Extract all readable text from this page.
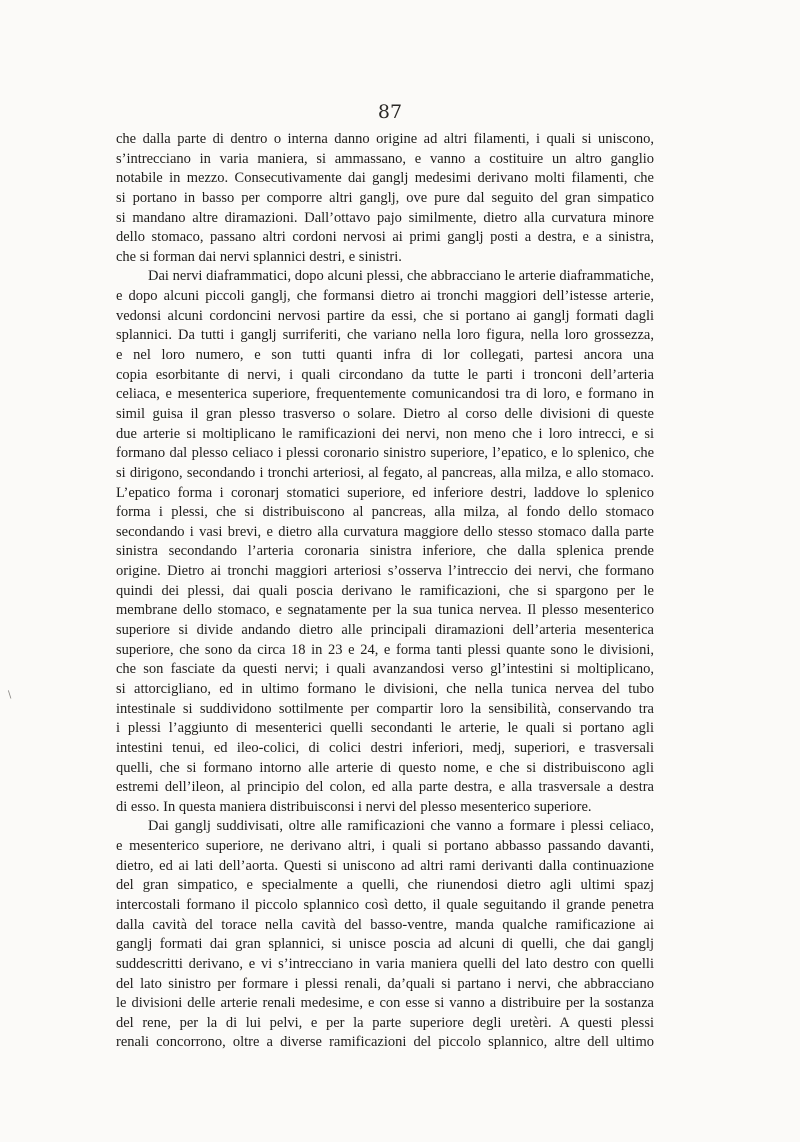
87

che dalla parte di dentro o interna danno origine ad altri filamenti, i quali si uniscono,
s’intrecciano in varia maniera, si ammassano, e vanno a costituire un altro ganglio
notabile in mezzo. Consecutivamente dai ganglj medesimi derivano molti filamenti, che
si portano in basso per comporre altri ganglj, ove pure dal seguito del gran simpatico
si mandano altre diramazioni. Dall’ottavo pajo similmente, dietro alla curvatura minore
dello stomaco, passano altri cordoni nervosi ai primi ganglj posti a destra, e a sinistra,
che si forman dai nervi splannici destri, e sinistri.
Dai nervi diaframmatici, dopo alcuni plessi, che abbracciano le arterie diaframmatiche,
e dopo alcuni piccoli ganglj, che formansi dietro ai tronchi maggiori dell’istesse arterie,
vedonsi alcuni cordoncini nervosi partire da essi, che si portano ai ganglj formati dagli
splannici. Da tutti i ganglj surriferiti, che variano nella loro figura, nella loro grossezza,
e nel loro numero, e son tutti quanti infra di lor collegati, partesi ancora una
copia esorbitante di nervi, i quali circondano da tutte le parti i tronconi dell’arteria
celiaca, e mesenterica superiore, frequentemente comunicandosi tra di loro, e formano in
simil guisa il gran plesso trasverso o solare. Dietro al corso delle divisioni di queste
due arterie si moltiplicano le ramificazioni dei nervi, non meno che i loro intrecci, e si
formano dal plesso celiaco i plessi coronario sinistro superiore, l’epatico, e lo splenico, che
si dirigono, secondando i tronchi arteriosi, al fegato, al pancreas, alla milza, e allo stomaco.
L’epatico forma i coronarj stomatici superiore, ed inferiore destri, laddove lo splenico
forma i plessi, che si distribuiscono al pancreas, alla milza, al fondo dello stomaco
secondando i vasi brevi, e dietro alla curvatura maggiore dello stesso stomaco dalla parte
sinistra secondando l’arteria coronaria sinistra inferiore, che dalla splenica prende
origine. Dietro ai tronchi maggiori arteriosi s’osserva l’intreccio dei nervi, che formano
quindi dei plessi, dai quali poscia derivano le ramificazioni, che si spargono per le
membrane dello stomaco, e segnatamente per la sua tunica nervea. Il plesso mesenterico
superiore si divide andando dietro alle principali diramazioni dell’arteria mesenterica
superiore, che sono da circa 18 in 23 e 24, e forma tanti plessi quante sono le divisioni,
che son fasciate da questi nervi; i quali avanzandosi verso gl’intestini si moltiplicano,
si attorcigliano, ed in ultimo formano le divisioni, che nella tunica nervea del tubo
intestinale si suddividono sottilmente per compartir loro la sensibilità, conservando tra
i plessi l’aggiunto di mesenterici quelli secondanti le arterie, le quali si portano agli
intestini tenui, ed ileo-colici, di colici destri inferiori, medj, superiori, e trasversali
quelli, che si formano intorno alle arterie di questo nome, e che si distribuiscono agli
estremi dell’ileon, al principio del colon, ed alla parte destra, e alla trasversale a destra
di esso. In questa maniera distribuisconsi i nervi del plesso mesenterico superiore.
Dai ganglj suddivisati, oltre alle ramificazioni che vanno a formare i plessi celiaco,
e mesenterico superiore, ne derivano altri, i quali si portano abbasso passando davanti,
dietro, ed ai lati dell’aorta. Questi si uniscono ad altri rami derivanti dalla continuazione
del gran simpatico, e specialmente a quelli, che riunendosi dietro agli ultimi spazj
intercostali formano il piccolo splannico così detto, il quale seguitando il grande penetra
dalla cavità del torace nella cavità del basso-ventre, manda qualche ramificazione ai
ganglj formati dai gran splannici, si unisce poscia ad alcuni di quelli, che dai ganglj
suddescritti derivano, e vi s’intrecciano in varia maniera quelli del lato destro con quelli
del lato sinistro per formare i plessi renali, da’quali si partano i nervi, che abbracciano
le divisioni delle arterie renali medesime, e con esse si vanno a distribuire per la sostanza
del rene, per la di lui pelvi, e per la parte superiore degli uretèri. A questi plessi
renali concorrono, oltre a diverse ramificazioni del piccolo splannico, altre dell ultimo
∖
